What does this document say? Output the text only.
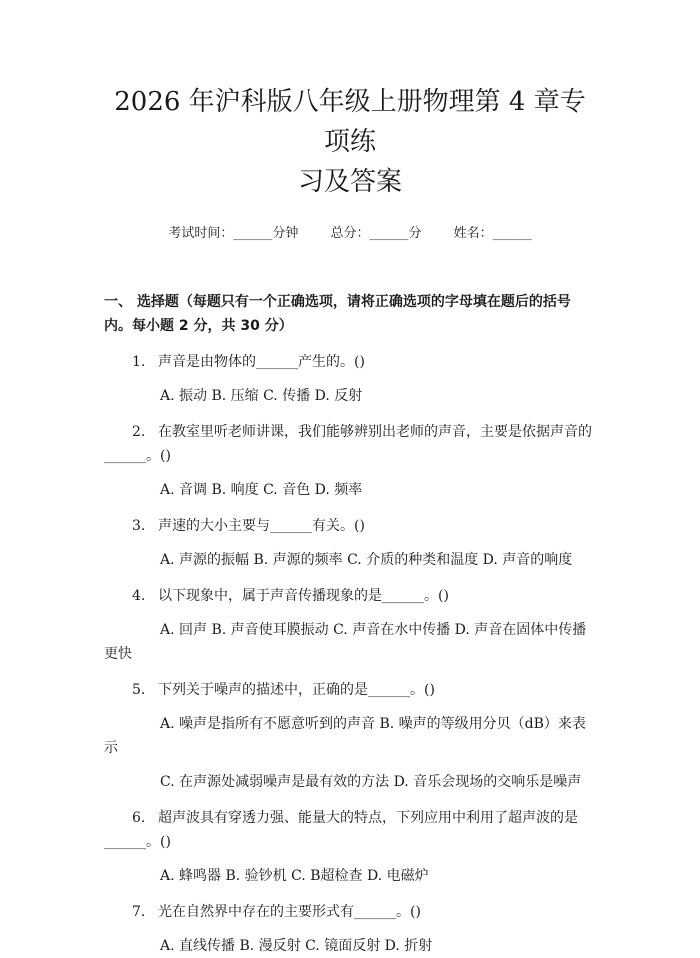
2026 年沪科版八年级上册物理第 4 章专项练
习及答案
考试时间：______分钟 总分：______分 姓名：______
一、 选择题（每题只有一个正确选项，请将正确选项的字母填在题后的括号内。每小题 2 分，共 30 分）
1. 声音是由物体的______产生的。()
A. 振动 B. 压缩 C. 传播 D. 反射
2. 在教室里听老师讲课，我们能够辨别出老师的声音，主要是依据声音的______。()
A. 音调 B. 响度 C. 音色 D. 频率
3. 声速的大小主要与______有关。()
A. 声源的振幅 B. 声源的频率 C. 介质的种类和温度 D. 声音的响度
4. 以下现象中，属于声音传播现象的是______。()
A. 回声 B. 声音使耳膜振动 C. 声音在水中传播 D. 声音在固体中传播更快
5. 下列关于噪声的描述中，正确的是______。()
A. 噪声是指所有不愿意听到的声音 B. 噪声的等级用分贝（dB）来表示
C. 在声源处减弱噪声是最有效的方法 D. 音乐会现场的交响乐是噪声
6. 超声波具有穿透力强、能量大的特点，下列应用中利用了超声波的是______。()
A. 蜂鸣器 B. 验钞机 C. B超检查 D. 电磁炉
7. 光在自然界中存在的主要形式有______。()
A. 直线传播 B. 漫反射 C. 镜面反射 D. 折射
